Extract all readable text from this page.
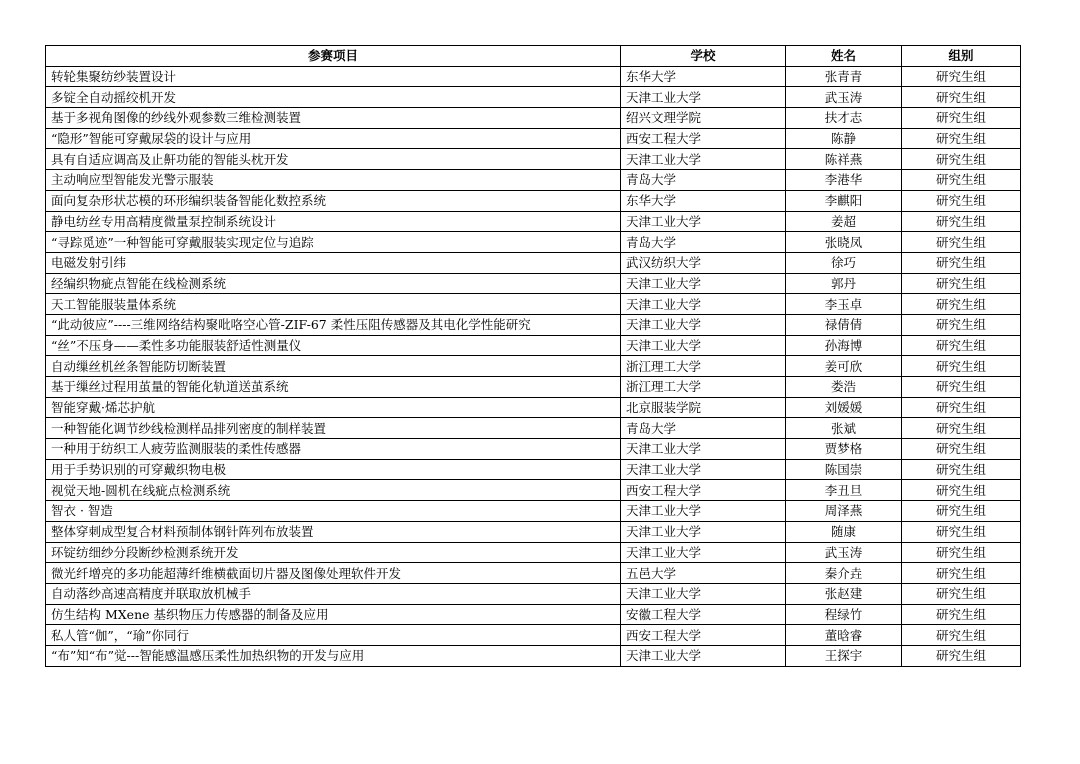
参赛项目	学校	姓名	组别
转轮集聚纺纱装置设计	东华大学	张青青	研究生组
多锭全自动摇绞机开发	天津工业大学	武玉涛	研究生组
基于多视角图像的纱线外观参数三维检测装置	绍兴文理学院	扶才志	研究生组
“隐形”智能可穿戴尿袋的设计与应用	西安工程大学	陈静	研究生组
具有自适应调高及止鼾功能的智能头枕开发	天津工业大学	陈祥燕	研究生组
主动响应型智能发光警示服装	青岛大学	李港华	研究生组
面向复杂形状芯模的环形编织装备智能化数控系统	东华大学	李麒阳	研究生组
静电纺丝专用高精度微量泵控制系统设计	天津工业大学	姜超	研究生组
“寻踪觅迹”一种智能可穿戴服装实现定位与追踪	青岛大学	张晓凤	研究生组
电磁发射引纬	武汉纺织大学	徐巧	研究生组
经编织物疵点智能在线检测系统	天津工业大学	郭丹	研究生组
天工智能服装量体系统	天津工业大学	李玉卓	研究生组
“此动彼应”----三维网络结构聚吡咯空心管-ZIF-67 柔性压阻传感器及其电化学性能研究	天津工业大学	禄倩倩	研究生组
“丝”不压身——柔性多功能服装舒适性测量仪	天津工业大学	孙海博	研究生组
自动缫丝机丝条智能防切断装置	浙江理工大学	姜可欣	研究生组
基于缫丝过程用茧量的智能化轨道送茧系统	浙江理工大学	娄浩	研究生组
智能穿戴·烯芯护航	北京服装学院	刘媛媛	研究生组
一种智能化调节纱线检测样品排列密度的制样装置	青岛大学	张斌	研究生组
一种用于纺织工人疲劳监测服装的柔性传感器	天津工业大学	贾梦格	研究生组
用于手势识别的可穿戴织物电极	天津工业大学	陈国崇	研究生组
视觉天地-圆机在线疵点检测系统	西安工程大学	李丑旦	研究生组
智衣 · 智造	天津工业大学	周泽燕	研究生组
整体穿刺成型复合材料预制体钢针阵列布放装置	天津工业大学	随康	研究生组
环锭纺细纱分段断纱检测系统开发	天津工业大学	武玉涛	研究生组
微光纤增亮的多功能超薄纤维横截面切片器及图像处理软件开发	五邑大学	秦介垚	研究生组
自动落纱高速高精度并联取放机械手	天津工业大学	张赵建	研究生组
仿生结构 MXene 基织物压力传感器的制备及应用	安徽工程大学	程绿竹	研究生组
私人管“伽”，“瑜”你同行	西安工程大学	董晗睿	研究生组
“布”知“布”觉---智能感温感压柔性加热织物的开发与应用	天津工业大学	王探宇	研究生组
